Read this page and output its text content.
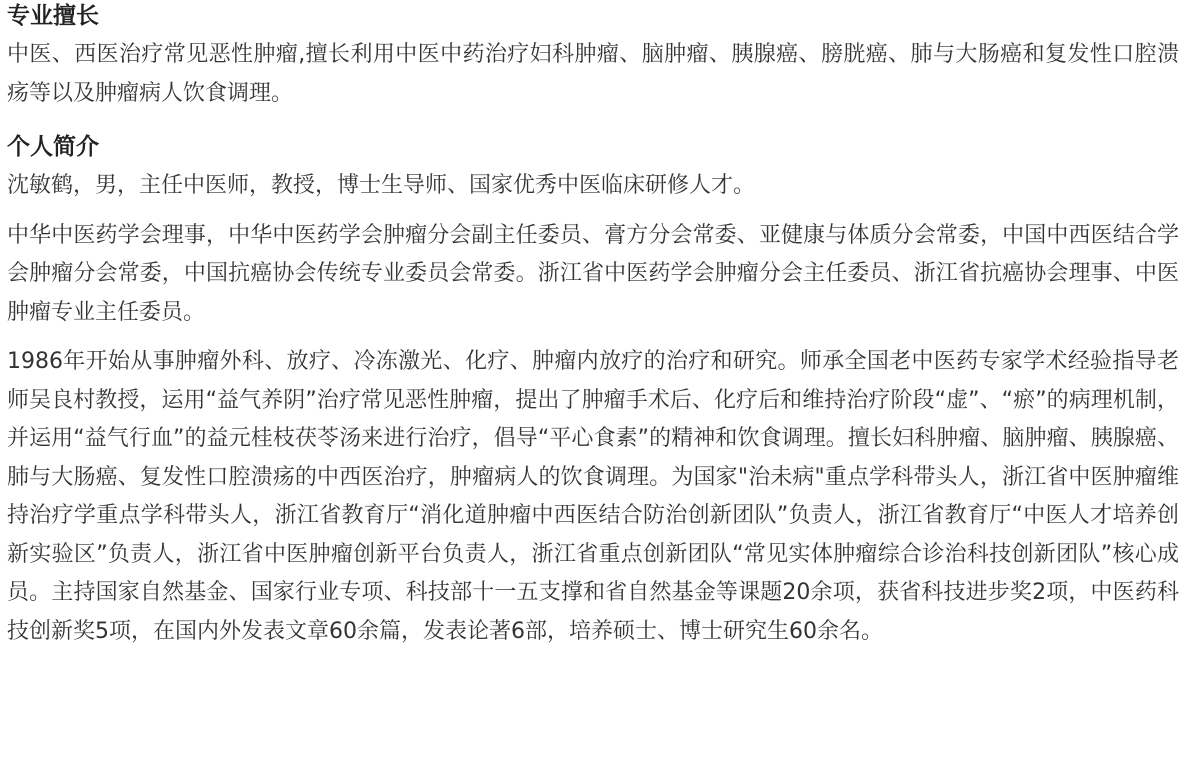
专业擅长

中医、西医治疗常见恶性肿瘤,擅长利用中医中药治疗妇科肿瘤、脑肿瘤、胰腺癌、膀胱癌、肺与大肠癌和复发性口腔溃疡等以及肿瘤病人饮食调理。

个人简介

沈敏鹤，男，主任中医师，教授，博士生导师、国家优秀中医临床研修人才。

中华中医药学会理事，中华中医药学会肿瘤分会副主任委员、膏方分会常委、亚健康与体质分会常委，中国中西医结合学会肿瘤分会常委，中国抗癌协会传统专业委员会常委。浙江省中医药学会肿瘤分会主任委员、浙江省抗癌协会理事、中医肿瘤专业主任委员。

1986年开始从事肿瘤外科、放疗、冷冻激光、化疗、肿瘤内放疗的治疗和研究。师承全国老中医药专家学术经验指导老师吴良村教授，运用“益气养阴”治疗常见恶性肿瘤，提出了肿瘤手术后、化疗后和维持治疗阶段“虚”、“瘀”的病理机制，并运用“益气行血”的益元桂枝茯苓汤来进行治疗，倡导“平心食素”的精神和饮食调理。擅长妇科肿瘤、脑肿瘤、胰腺癌、肺与大肠癌、复发性口腔溃疡的中西医治疗，肿瘤病人的饮食调理。为国家"治未病"重点学科带头人，浙江省中医肿瘤维持治疗学重点学科带头人，浙江省教育厅“消化道肿瘤中西医结合防治创新团队”负责人，浙江省教育厅“中医人才培养创新实验区”负责人，浙江省中医肿瘤创新平台负责人，浙江省重点创新团队“常见实体肿瘤综合诊治科技创新团队”核心成员。主持国家自然基金、国家行业专项、科技部十一五支撑和省自然基金等课题20余项，获省科技进步奖2项，中医药科技创新奖5项，在国内外发表文章60余篇，发表论著6部，培养硕士、博士研究生60余名。
